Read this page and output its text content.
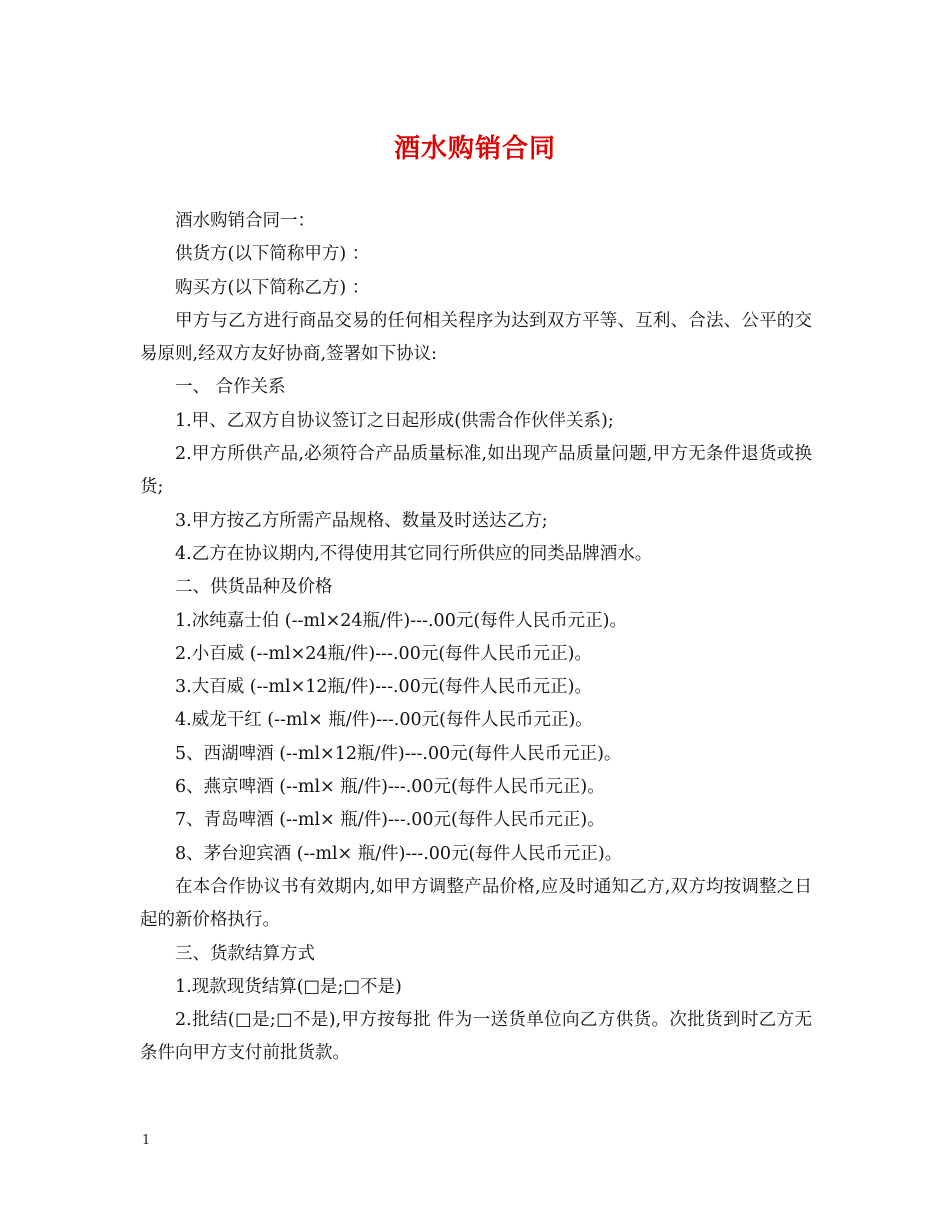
酒水购销合同

酒水购销合同一：

供货方(以下简称甲方) ：

购买方(以下简称乙方) ：

甲方与乙方进行商品交易的任何相关程序为达到双方平等、互利、合法、公平的交易原则,经双方友好协商,签署如下协议:

一、 合作关系

1.甲、乙双方自协议签订之日起形成(供需合作伙伴关系);

2.甲方所供产品,必须符合产品质量标准,如出现产品质量问题,甲方无条件退货或换货;

3.甲方按乙方所需产品规格、数量及时送达乙方;

4.乙方在协议期内,不得使用其它同行所供应的同类品牌酒水。

二、供货品种及价格

1.冰纯嘉士伯 (--ml×24瓶/件)---.00元(每件人民币元正)。

2.小百威 (--ml×24瓶/件)---.00元(每件人民币元正)。

3.大百威 (--ml×12瓶/件)---.00元(每件人民币元正)。

4.威龙干红 (--ml× 瓶/件)---.00元(每件人民币元正)。

5、西湖啤酒 (--ml×12瓶/件)---.00元(每件人民币元正)。

6、燕京啤酒 (--ml× 瓶/件)---.00元(每件人民币元正)。

7、青岛啤酒 (--ml× 瓶/件)---.00元(每件人民币元正)。

8、茅台迎宾酒 (--ml× 瓶/件)---.00元(每件人民币元正)。

在本合作协议书有效期内,如甲方调整产品价格,应及时通知乙方,双方均按调整之日起的新价格执行。

三、货款结算方式

1.现款现货结算(□是;□不是)

2.批结(□是;□不是),甲方按每批 件为一送货单位向乙方供货。次批货到时乙方无条件向甲方支付前批货款。

1
